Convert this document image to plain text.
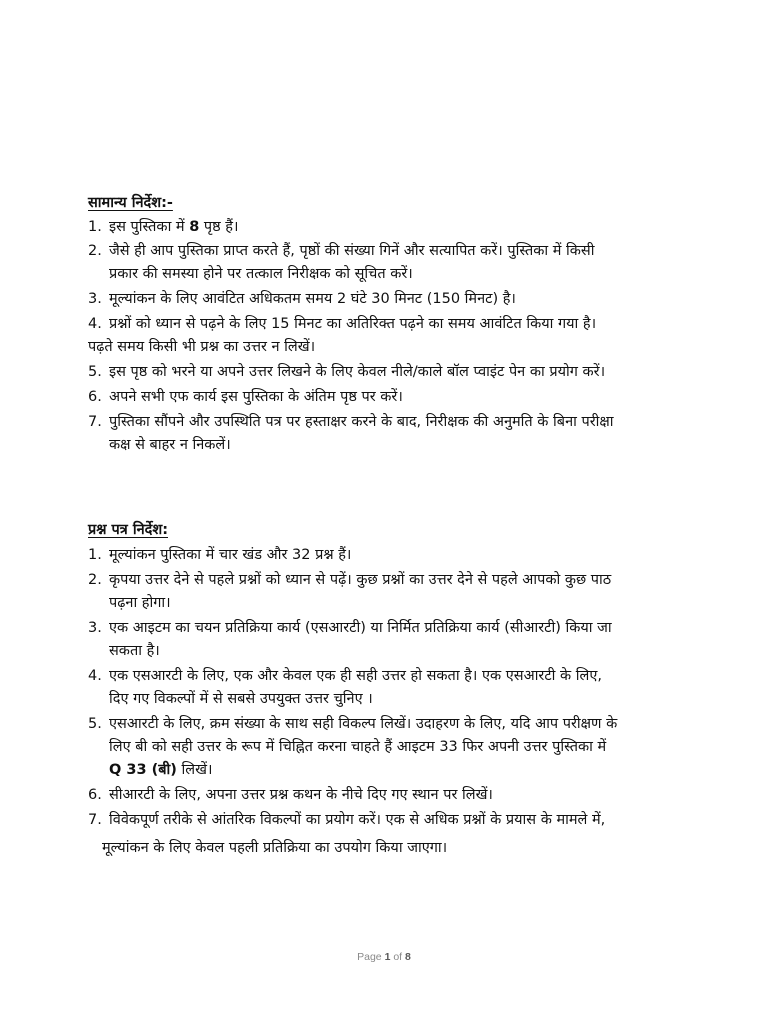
सामान्य निर्देश:-
1. इस पुस्तिका में 8 पृष्ठ हैं।
2. जैसे ही आप पुस्तिका प्राप्त करते हैं, पृष्ठों की संख्या गिनें और सत्यापित करें। पुस्तिका में किसी
प्रकार की समस्या होने पर तत्काल निरीक्षक को सूचित करें।
3. मूल्यांकन के लिए आवंटित अधिकतम समय 2 घंटे 30 मिनट (150 मिनट) है।
4. प्रश्नों को ध्यान से पढ़ने के लिए 15 मिनट का अतिरिक्त पढ़ने का समय आवंटित किया गया है।
पढ़ते समय किसी भी प्रश्न का उत्तर न लिखें।
5. इस पृष्ठ को भरने या अपने उत्तर लिखने के लिए केवल नीले/काले बॉल प्वाइंट पेन का प्रयोग करें।
6. अपने सभी एफ कार्य इस पुस्तिका के अंतिम पृष्ठ पर करें।
7. पुस्तिका सौंपने और उपस्थिति पत्र पर हस्ताक्षर करने के बाद, निरीक्षक की अनुमति के बिना परीक्षा
कक्ष से बाहर न निकलें।
प्रश्न पत्र निर्देश:
1. मूल्यांकन पुस्तिका में चार खंड और 32 प्रश्न हैं।
2. कृपया उत्तर देने से पहले प्रश्नों को ध्यान से पढ़ें। कुछ प्रश्नों का उत्तर देने से पहले आपको कुछ पाठ
पढ़ना होगा।
3. एक आइटम का चयन प्रतिक्रिया कार्य (एसआरटी) या निर्मित प्रतिक्रिया कार्य (सीआरटी) किया जा
सकता है।
4. एक एसआरटी के लिए, एक और केवल एक ही सही उत्तर हो सकता है। एक एसआरटी के लिए,
दिए गए विकल्पों में से सबसे उपयुक्त उत्तर चुनिए ।
5. एसआरटी के लिए, क्रम संख्या के साथ सही विकल्प लिखें। उदाहरण के लिए, यदि आप परीक्षण के
लिए बी को सही उत्तर के रूप में चिह्नित करना चाहते हैं आइटम 33 फिर अपनी उत्तर पुस्तिका में
Q 33 (बी) लिखें।
6. सीआरटी के लिए, अपना उत्तर प्रश्न कथन के नीचे दिए गए स्थान पर लिखें।
7. विवेकपूर्ण तरीके से आंतरिक विकल्पों का प्रयोग करें। एक से अधिक प्रश्नों के प्रयास के मामले में,
मूल्यांकन के लिए केवल पहली प्रतिक्रिया का उपयोग किया जाएगा।
Page 1 of 8
